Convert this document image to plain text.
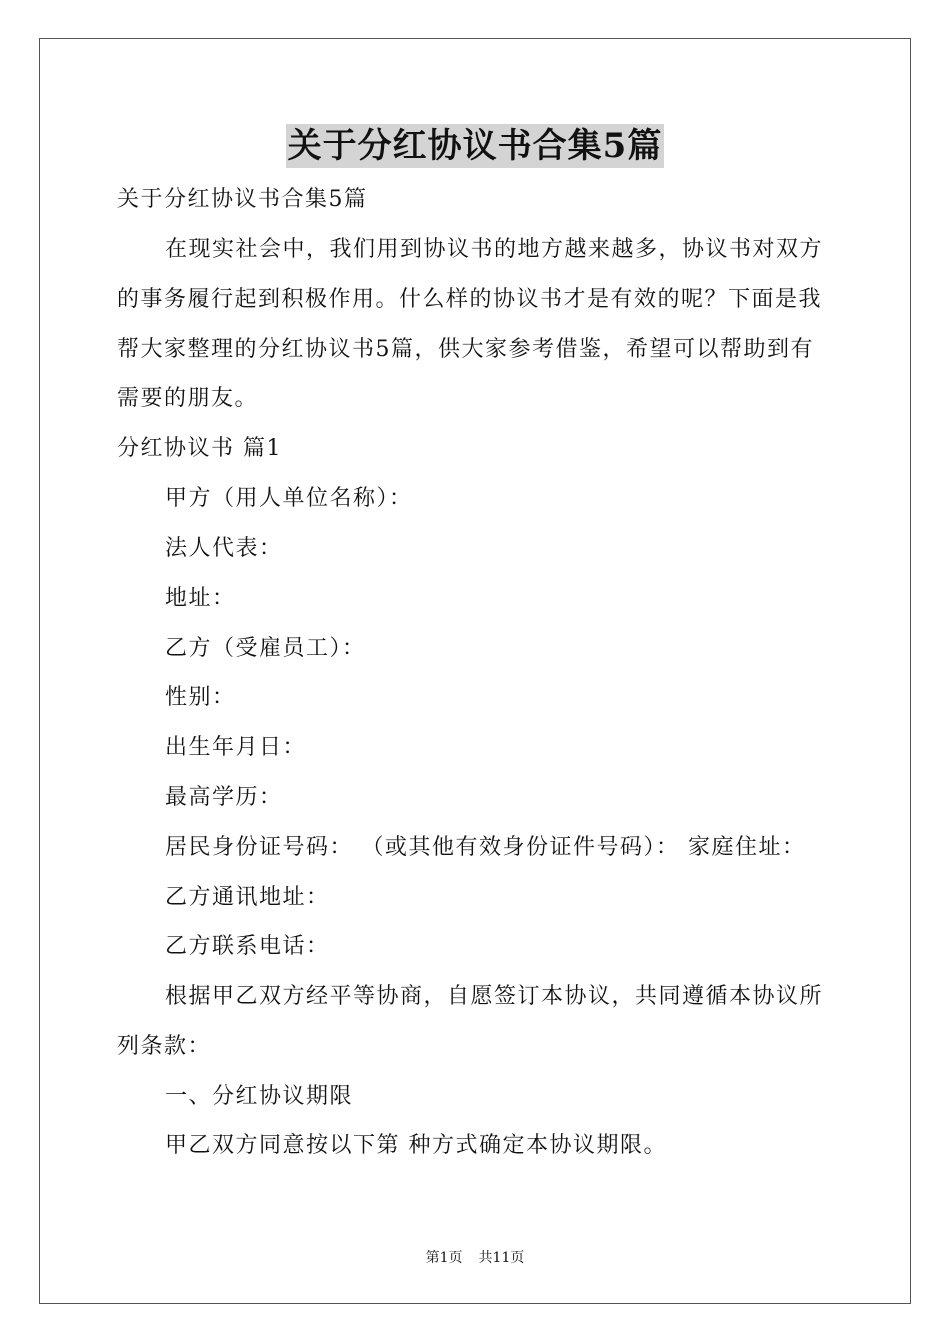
关于分红协议书合集5篇
关于分红协议书合集5篇
在现实社会中，我们用到协议书的地方越来越多，协议书对双方
的事务履行起到积极作用。什么样的协议书才是有效的呢？下面是我
帮大家整理的分红协议书5篇，供大家参考借鉴，希望可以帮助到有
需要的朋友。
分红协议书 篇1
甲方（用人单位名称）：
法人代表：
地址：
乙方（受雇员工）：
性别：
出生年月日：
最高学历：
居民身份证号码： （或其他有效身份证件号码）： 家庭住址：
乙方通讯地址：
乙方联系电话：
根据甲乙双方经平等协商，自愿签订本协议，共同遵循本协议所
列条款：
一、分红协议期限
甲乙双方同意按以下第 种方式确定本协议期限。
第1页 共11页
